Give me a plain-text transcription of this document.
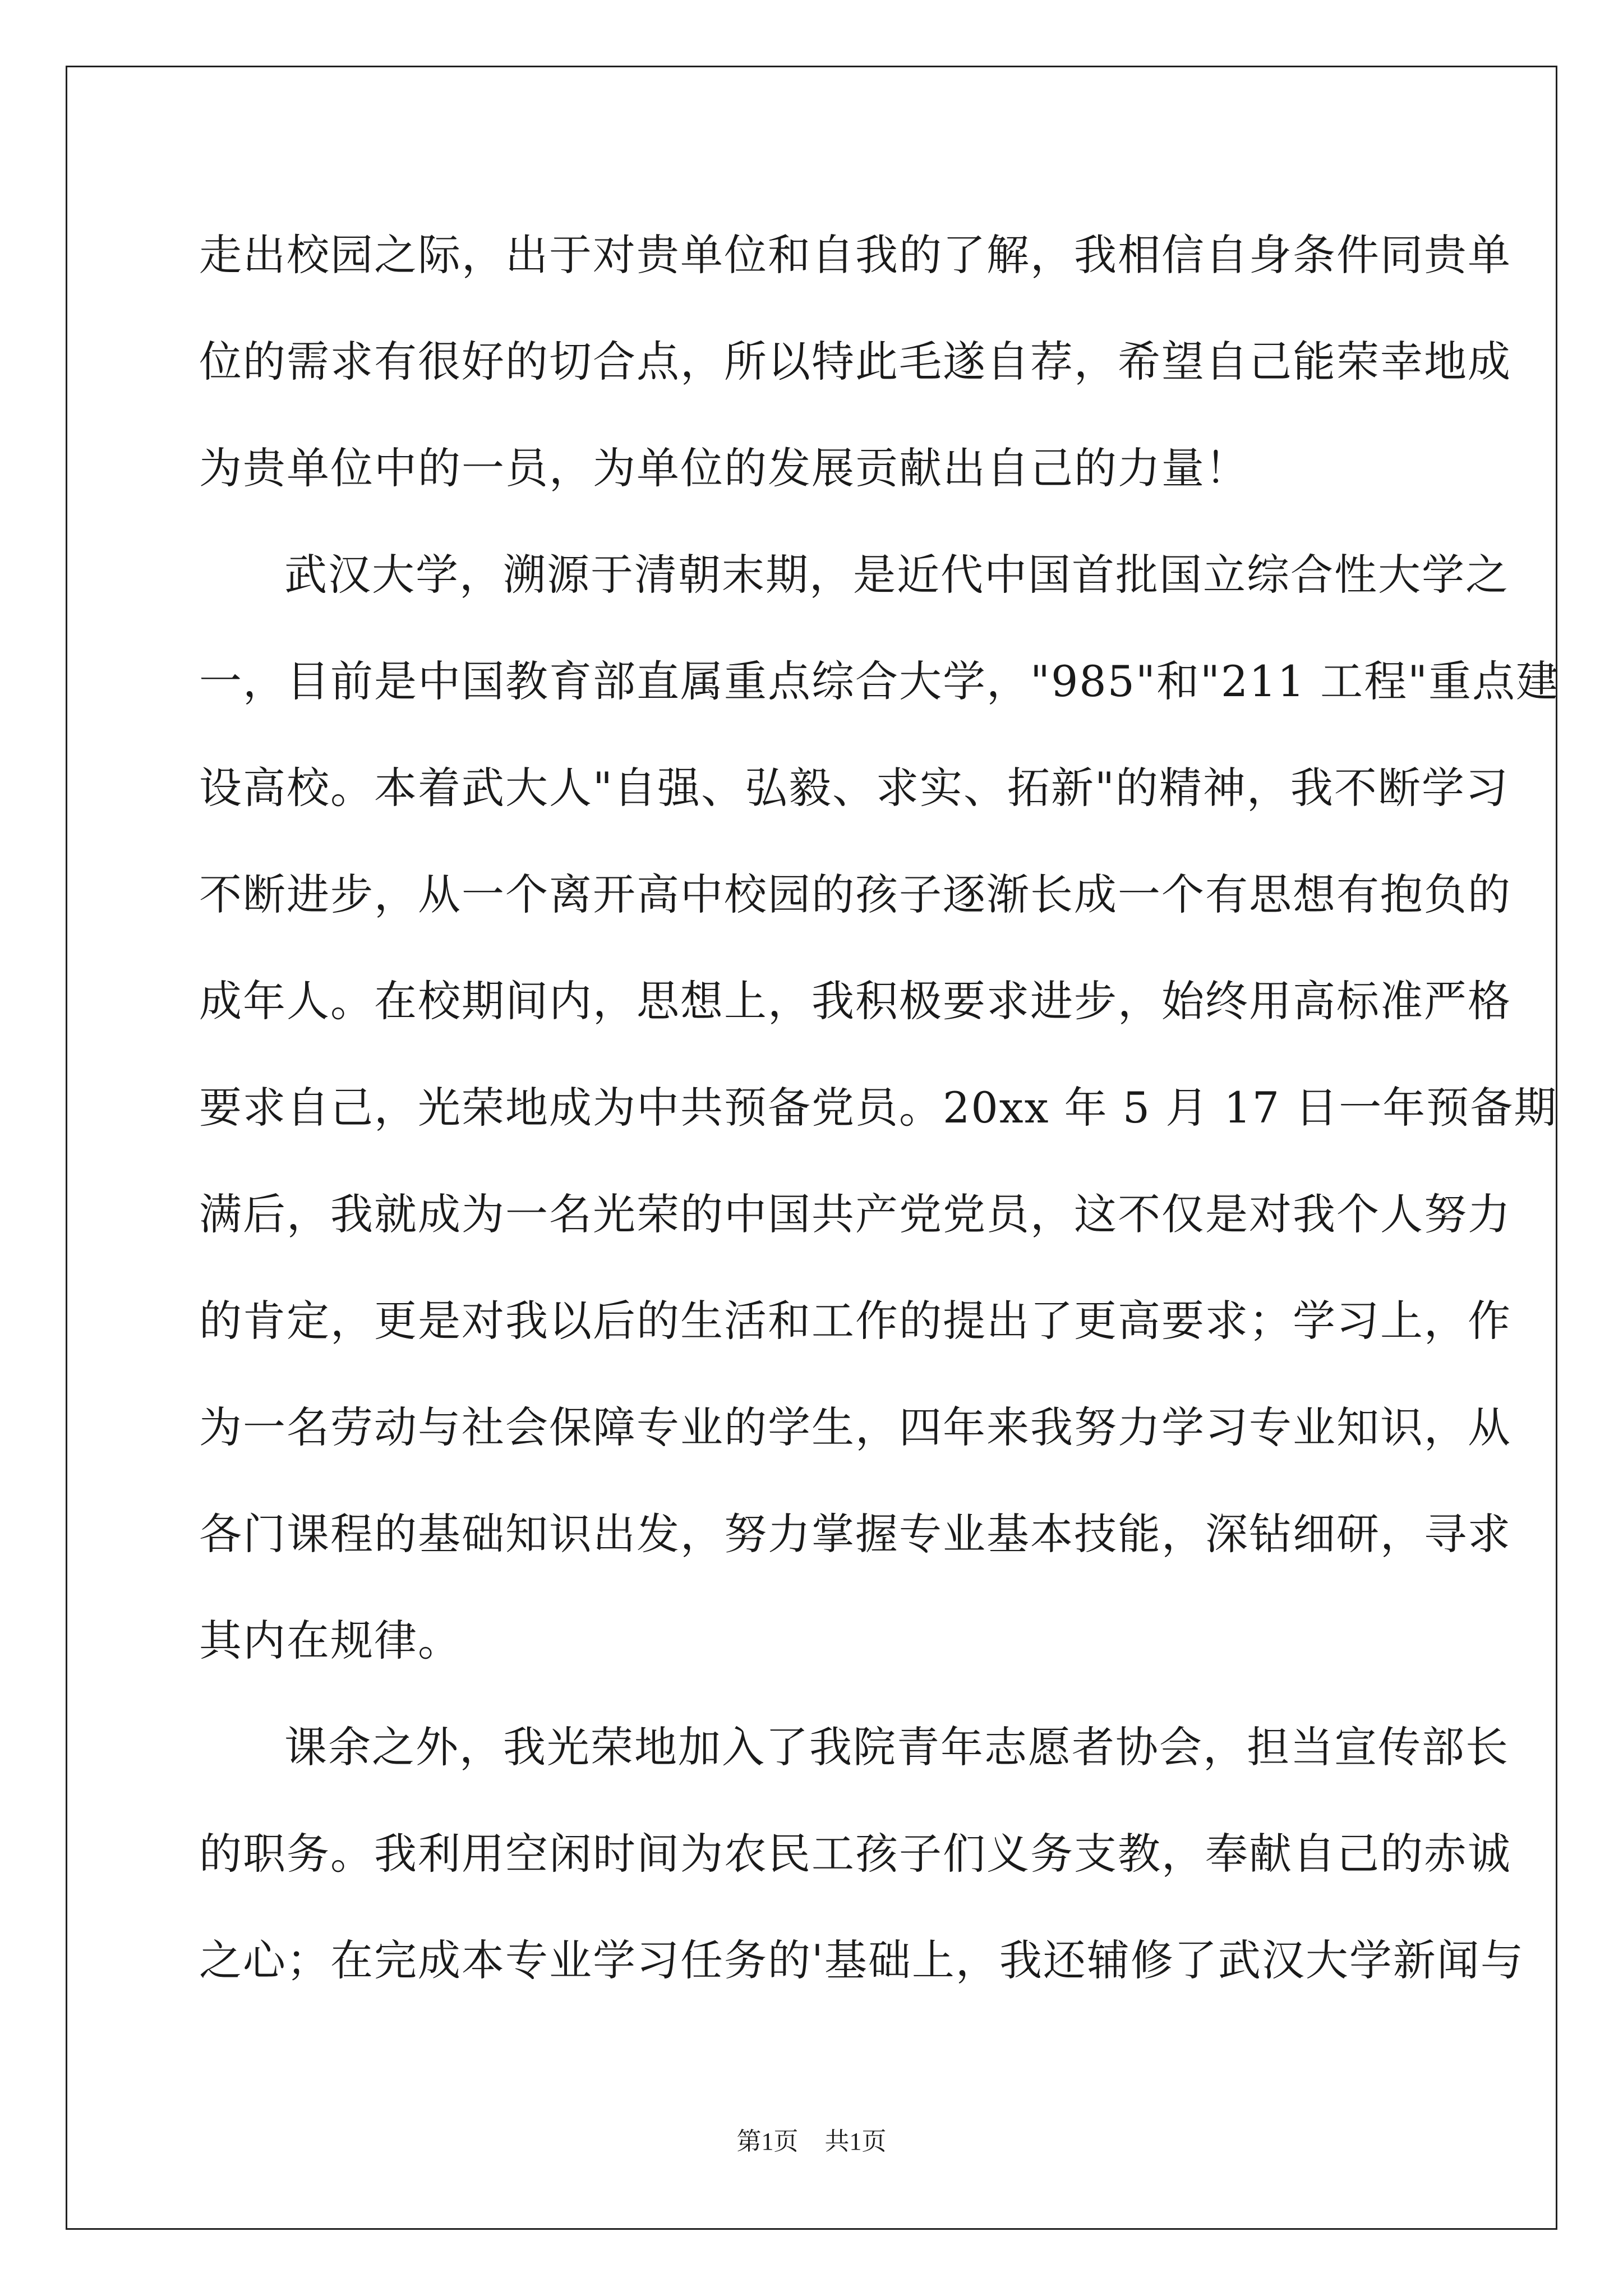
走出校园之际，出于对贵单位和自我的了解，我相信自身条件同贵单
位的需求有很好的切合点，所以特此毛遂自荐，希望自己能荣幸地成
为贵单位中的一员，为单位的发展贡献出自己的力量！
武汉大学，溯源于清朝末期，是近代中国首批国立综合性大学之
一，目前是中国教育部直属重点综合大学，"985"和"211 工程"重点建
设高校。本着武大人"自强、弘毅、求实、拓新"的精神，我不断学习
不断进步，从一个离开高中校园的孩子逐渐长成一个有思想有抱负的
成年人。在校期间内，思想上，我积极要求进步，始终用高标准严格
要求自己，光荣地成为中共预备党员。20xx 年 5 月 17 日一年预备期
满后，我就成为一名光荣的中国共产党党员，这不仅是对我个人努力
的肯定，更是对我以后的生活和工作的提出了更高要求；学习上，作
为一名劳动与社会保障专业的学生，四年来我努力学习专业知识，从
各门课程的基础知识出发，努力掌握专业基本技能，深钻细研，寻求
其内在规律。
课余之外，我光荣地加入了我院青年志愿者协会，担当宣传部长
的职务。我利用空闲时间为农民工孩子们义务支教，奉献自己的赤诚
之心；在完成本专业学习任务的'基础上，我还辅修了武汉大学新闻与
第1页 共1页
